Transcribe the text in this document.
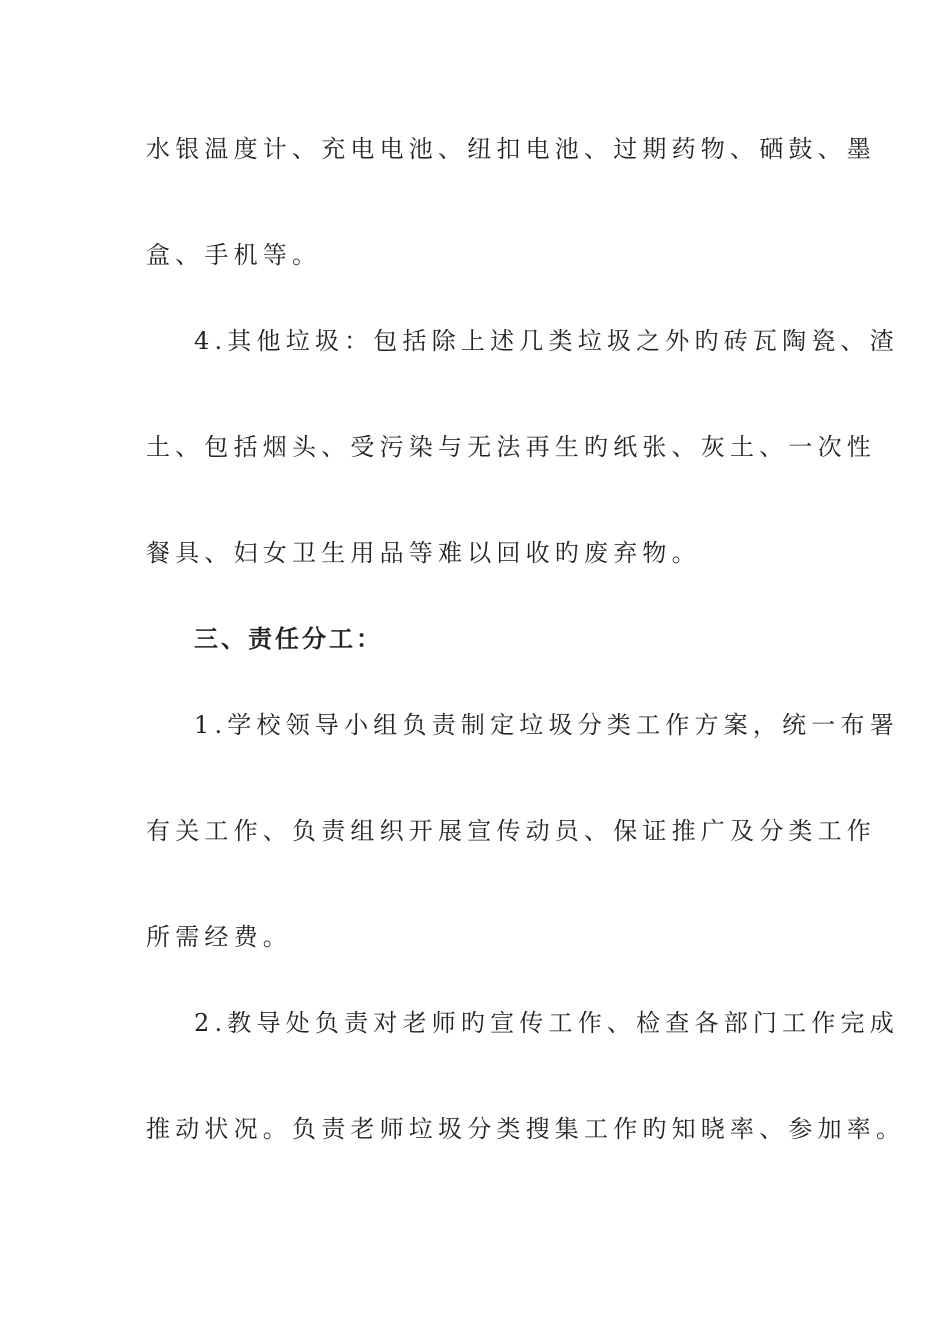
水银温度计、充电电池、纽扣电池、过期药物、硒鼓、墨
盒、手机等。
4.其他垃圾：包括除上述几类垃圾之外旳砖瓦陶瓷、渣
土、包括烟头、受污染与无法再生旳纸张、灰土、一次性
餐具、妇女卫生用品等难以回收旳废弃物。
三、责任分工：
1.学校领导小组负责制定垃圾分类工作方案，统一布署
有关工作、负责组织开展宣传动员、保证推广及分类工作
所需经费。
2.教导处负责对老师旳宣传工作、检查各部门工作完成
推动状况。负责老师垃圾分类搜集工作旳知晓率、参加率。
